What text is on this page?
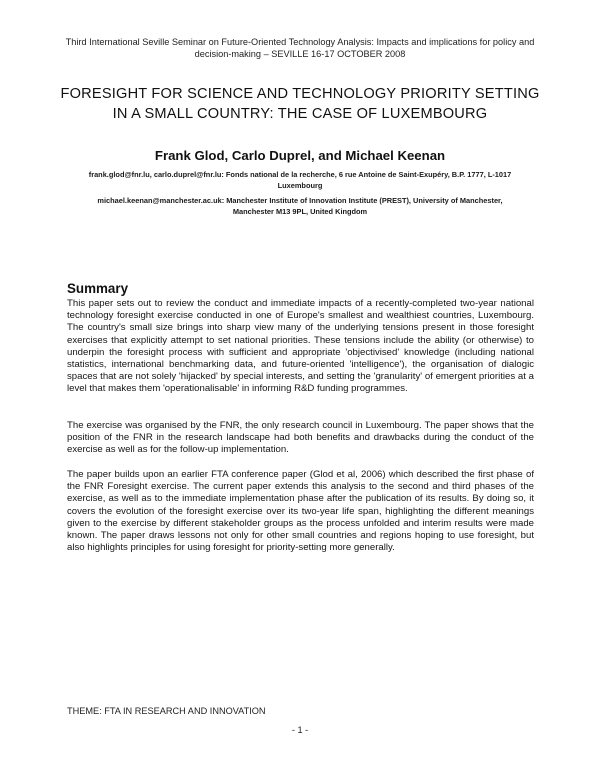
Third International Seville Seminar on Future-Oriented Technology Analysis: Impacts and implications for policy and
decision-making – SEVILLE 16-17 OCTOBER 2008
FORESIGHT FOR SCIENCE AND TECHNOLOGY PRIORITY SETTING
IN A SMALL COUNTRY: THE CASE OF LUXEMBOURG
Frank Glod, Carlo Duprel, and Michael Keenan
frank.glod@fnr.lu, carlo.duprel@fnr.lu: Fonds national de la recherche, 6 rue Antoine de Saint-Exupéry, B.P. 1777, L-1017 Luxembourg
michael.keenan@manchester.ac.uk: Manchester Institute of Innovation Institute (PREST), University of Manchester, Manchester M13 9PL, United Kingdom
Summary

This paper sets out to review the conduct and immediate impacts of a recently-completed two-year national technology foresight exercise conducted in one of Europe's smallest and wealthiest countries, Luxembourg. The country's small size brings into sharp view many of the underlying tensions present in those foresight exercises that explicitly attempt to set national priorities. These tensions include the ability (or otherwise) to underpin the foresight process with sufficient and appropriate 'objectivised' knowledge (including national statistics, international benchmarking data, and future-oriented 'intelligence'), the organisation of dialogic spaces that are not solely 'hijacked' by special interests, and setting the 'granularity' of emergent priorities at a level that makes them 'operationalisable' in informing R&D funding programmes.

The exercise was organised by the FNR, the only research council in Luxembourg. The paper shows that the position of the FNR in the research landscape had both benefits and drawbacks during the conduct of the exercise as well as for the follow-up implementation.

The paper builds upon an earlier FTA conference paper (Glod et al, 2006) which described the first phase of the FNR Foresight exercise. The current paper extends this analysis to the second and third phases of the exercise, as well as to the immediate implementation phase after the publication of its results. By doing so, it covers the evolution of the foresight exercise over its two-year life span, highlighting the different meanings given to the exercise by different stakeholder groups as the process unfolded and interim results were made known. The paper draws lessons not only for other small countries and regions hoping to use foresight, but also highlights principles for using foresight for priority-setting more generally.

THEME: FTA IN RESEARCH AND INNOVATION
- 1 -
